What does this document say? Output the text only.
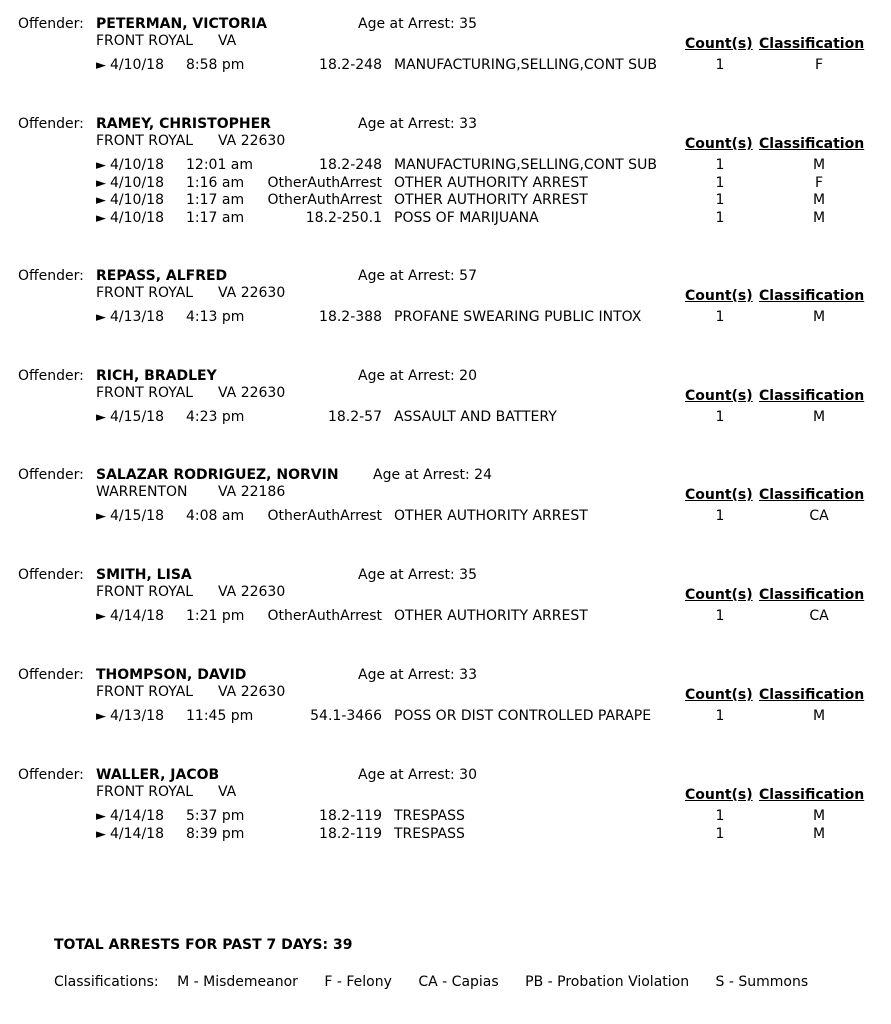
Offender: PETERMAN, VICTORIA	Age at Arrest: 35
FRONT ROYAL VA	Count(s) Classification
► 4/10/18 8:58 pm	18.2-248 MANUFACTURING,SELLING,CONT SUB	1	F
Offender: RAMEY, CHRISTOPHER	Age at Arrest: 33
FRONT ROYAL VA 22630	Count(s) Classification
► 4/10/18 12:01 am	18.2-248 MANUFACTURING,SELLING,CONT SUB	1	M
► 4/10/18 1:16 am	OtherAuthArrest OTHER AUTHORITY ARREST	1	F
► 4/10/18 1:17 am	OtherAuthArrest OTHER AUTHORITY ARREST	1	M
► 4/10/18 1:17 am	18.2-250.1 POSS OF MARIJUANA	1	M
Offender: REPASS, ALFRED	Age at Arrest: 57
FRONT ROYAL VA 22630	Count(s) Classification
► 4/13/18 4:13 pm	18.2-388 PROFANE SWEARING PUBLIC INTOX	1	M
Offender: RICH, BRADLEY	Age at Arrest: 20
FRONT ROYAL VA 22630	Count(s) Classification
► 4/15/18 4:23 pm	18.2-57 ASSAULT AND BATTERY	1	M
Offender: SALAZAR RODRIGUEZ, NORVIN Age at Arrest: 24
WARRENTON VA 22186	Count(s) Classification
► 4/15/18 4:08 am	OtherAuthArrest OTHER AUTHORITY ARREST	1	CA
Offender: SMITH, LISA	Age at Arrest: 35
FRONT ROYAL VA 22630	Count(s) Classification
► 4/14/18 1:21 pm	OtherAuthArrest OTHER AUTHORITY ARREST	1	CA
Offender: THOMPSON, DAVID	Age at Arrest: 33
FRONT ROYAL VA 22630	Count(s) Classification
► 4/13/18 11:45 pm	54.1-3466 POSS OR DIST CONTROLLED PARAPE	1	M
Offender: WALLER, JACOB	Age at Arrest: 30
FRONT ROYAL VA	Count(s) Classification
► 4/14/18 5:37 pm	18.2-119 TRESPASS	1	M
► 4/14/18 8:39 pm	18.2-119 TRESPASS	1	M
TOTAL ARRESTS FOR PAST 7 DAYS: 39
Classifications: M - Misdemeanor F - Felony CA - Capias PB - Probation Violation S - Summons
